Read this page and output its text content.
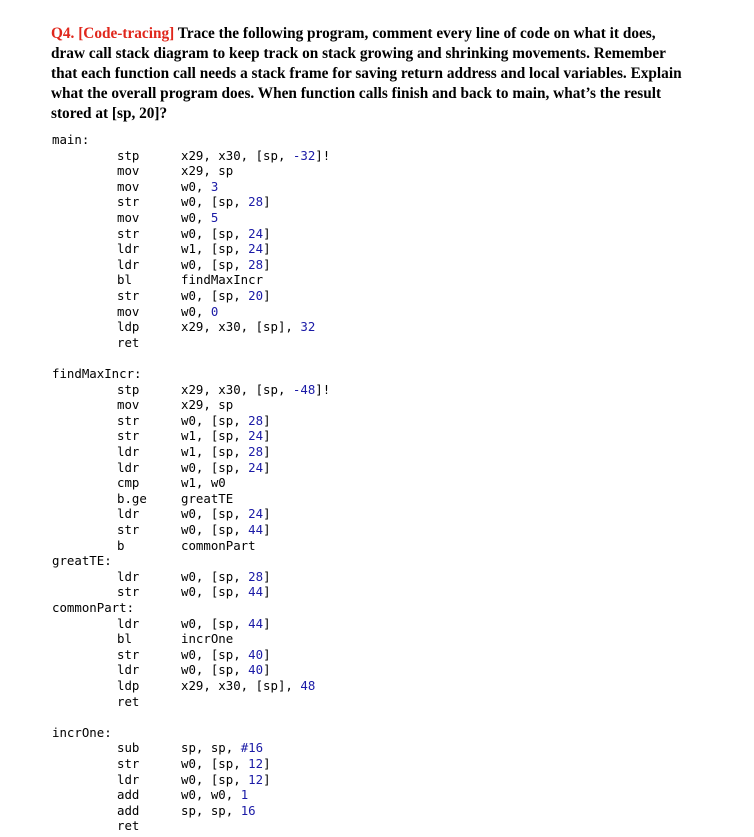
Q4. [Code-tracing] Trace the following program, comment every line of code on what it does, draw call stack diagram to keep track on stack growing and shrinking movements. Remember that each function call needs a stack frame for saving return address and local variables. Explain what the overall program does. When function calls finish and back to main, what’s the result stored at [sp, 20]?
main:
stp	x29, x30, [sp, -32]!
mov	x29, sp
mov	w0, 3
str	w0, [sp, 28]
mov	w0, 5
str	w0, [sp, 24]
ldr	w1, [sp, 24]
ldr	w0, [sp, 28]
bl	findMaxIncr
str	w0, [sp, 20]
mov	w0, 0
ldp	x29, x30, [sp], 32
ret
findMaxIncr:
stp	x29, x30, [sp, -48]!
mov	x29, sp
str	w0, [sp, 28]
str	w1, [sp, 24]
ldr	w1, [sp, 28]
ldr	w0, [sp, 24]
cmp	w1, w0
b.ge	greatTE
ldr	w0, [sp, 24]
str	w0, [sp, 44]
b	commonPart
greatTE:
ldr	w0, [sp, 28]
str	w0, [sp, 44]
commonPart:
ldr	w0, [sp, 44]
bl	incrOne
str	w0, [sp, 40]
ldr	w0, [sp, 40]
ldp	x29, x30, [sp], 48
ret
incrOne:
sub	sp, sp, #16
str	w0, [sp, 12]
ldr	w0, [sp, 12]
add	w0, w0, 1
add	sp, sp, 16
ret
